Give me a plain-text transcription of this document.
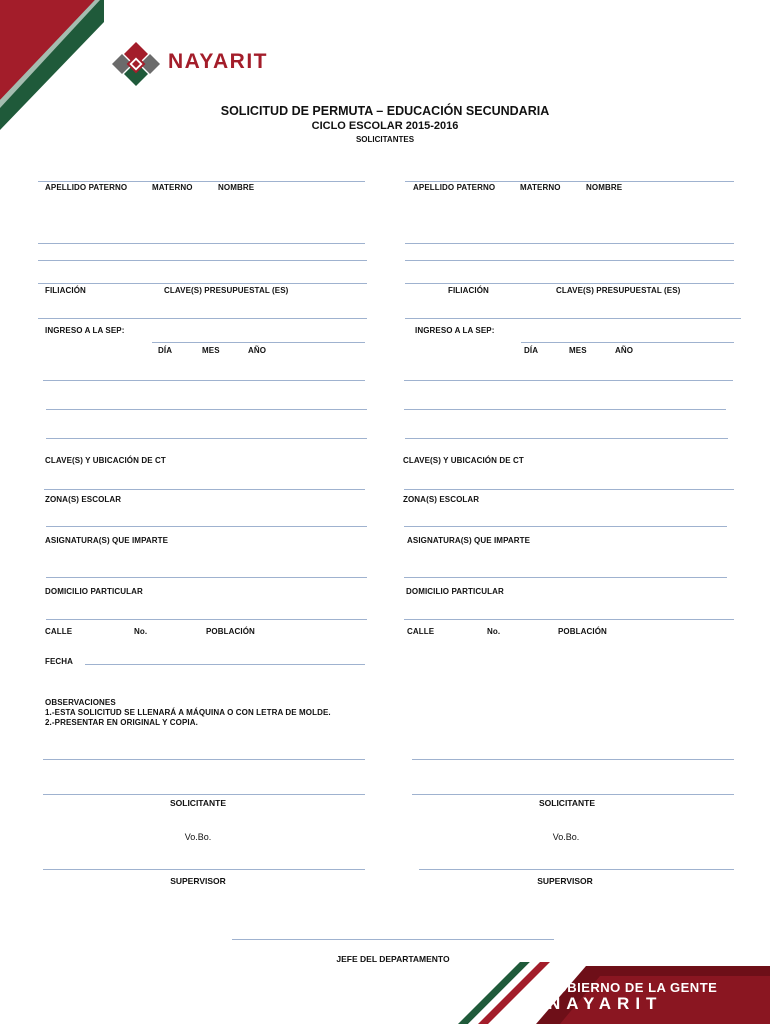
NAYARIT
SOLICITUD DE PERMUTA – EDUCACIÓN SECUNDARIA
CICLO ESCOLAR 2015-2016
SOLICITANTES
APELLIDO PATERNO	MATERNO	NOMBRE
FILIACIÓN	CLAVE(S) PRESUPUESTAL (ES)
INGRESO A LA SEP:
DÍA	MES	AÑO
CLAVE(S) Y UBICACIÓN DE CT
ZONA(S) ESCOLAR
ASIGNATURA(S) QUE IMPARTE
DOMICILIO PARTICULAR
CALLE	No.	POBLACIÓN
FECHA
APELLIDO PATERNO	MATERNO	NOMBRE
FILIACIÓN	CLAVE(S) PRESUPUESTAL (ES)
INGRESO A LA SEP:
DÍA	MES	AÑO
CLAVE(S) Y UBICACIÓN DE CT
ZONA(S) ESCOLAR
ASIGNATURA(S) QUE IMPARTE
DOMICILIO PARTICULAR
CALLE	No.	POBLACIÓN
OBSERVACIONES
1.-ESTA SOLICITUD SE LLENARÁ A MÁQUINA O CON LETRA DE MOLDE.
2.-PRESENTAR EN ORIGINAL Y COPIA.
SOLICITANTE	SOLICITANTE
Vo.Bo.	Vo.Bo.
SUPERVISOR	SUPERVISOR
JEFE DEL DEPARTAMENTO
GOBIERNO DE LA GENTE
NAYARIT
